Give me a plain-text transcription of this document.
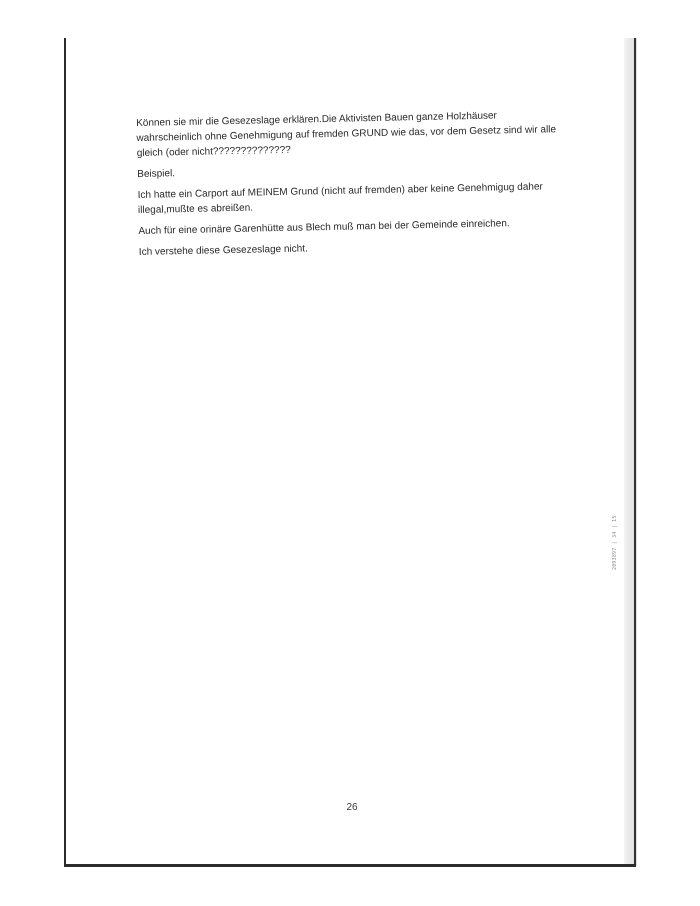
2093897 | 34 | 15

Können sie mir die Gesezeslage erklären.Die Aktivisten Bauen ganze Holzhäuser wahrscheinlich ohne Genehmigung auf fremden GRUND wie das, vor dem Gesetz sind wir alle gleich (oder nicht??????????????

Beispiel.

Ich hatte ein Carport auf MEINEM Grund (nicht auf fremden) aber keine Genehmigug daher illegal,mußte es abreißen.

Auch für eine orinäre Garenhütte aus Blech muß man bei der Gemeinde einreichen.

Ich verstehe diese Gesezeslage nicht.

26
